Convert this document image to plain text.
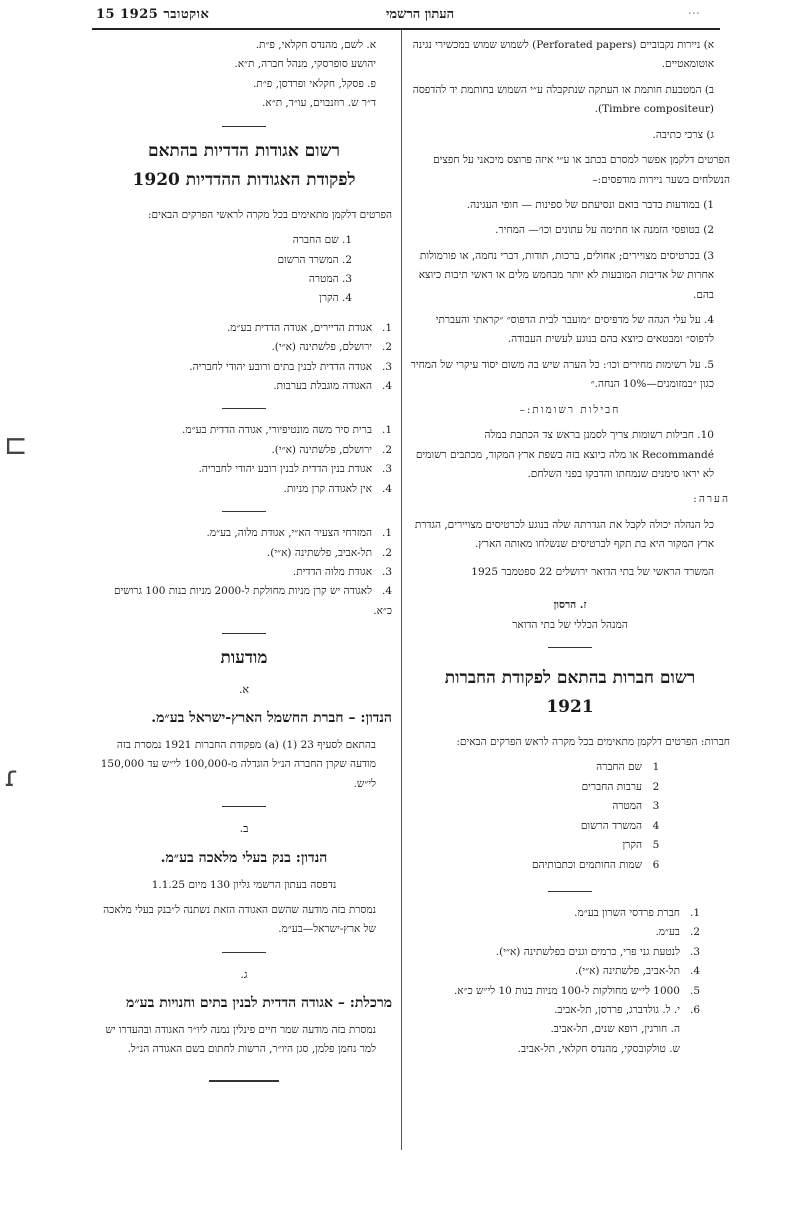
15 אוקטובר 1925	העתון הרשמי	...
⊏
ɾ
א. לשם, מהנדס חקלאי, פ״ת.
יהושע סופרסקי, מנהל חברה, ת״א.
פ. פסקל, חקלאי ופרדסן, פ״ת.
ד״ר ש. רוזנבוים, עו״ד, ת״א.
רשום אגודות הדדיות בהתאם
לפקודת האגודות ההדדיות 1920
הפרטים דלקמן מתאימים בכל מקרה לראשי הפרקים הבאים:
1. שם החברה
2. המשרד הרשום
3. המטרה
4. הקרן
1.אגודת הדיירים, אגודה הדדית בע״מ.
2.ירושלם, פלשתינה (א״י).
3.אגודה הדדית לבנין בתים ורובע יהודי לחבריה.
4.האגודה מוגבלת בערבות.
1.ברית סיר משה מונטיפיורי, אגודה הדדית בע״מ.
2.ירושלם, פלשתינה (א״י).
3.אגודת בנין הדדית לבנין רובע יהודי לחבריה.
4.אין לאגודה קרן מניות.
1.המזרחי הצעיר הא״י, אגודת מלוה, בע״מ.
2.תל-אביב, פלשתינה (א״י).
3.אגודת מלוה הדדית.
4.לאגודה יש קרן מניות מחולקת ל-2000 מניות בנות 100 גרושים כ״א.
מודעות
א.
הנדון: – חברת החשמל הארץ-ישראל בע״מ.
בהתאם לסעיף 23 (1) (a) מפקודת החברות 1921 נמסרת בזה מודעה שקרן החברה הנ״ל הוגדלה מ-100,000 לי״ש עד 150,000 לי״ש.
ב.
הנדון: בנק בעלי מלאכה בע״מ.
נדפסה בעתון הרשמי גליון 130 מיום 1.1.25
נמסרת בזה מודעה שהשם האגודה הזאת נשתנה ל״בנק בעלי מלאכה של ארץ-ישראל—בע״מ.
ג.
מרכלת: – אגודה הדדית לבנין בתים וחנויות בע״מ
נמסרת בזה מודעה שמר חיים פינלין נמנה ליו״ר האגודה ובהעדרו יש למר נחמן פלמן, סגן היו״ר, הרשות לחתום בשם האגודה הנ״ל.
א) ניירות נקבוביים (Perforated papers) לשמוש שמוש במכשירי נגינה אוטומאטיים.
ב) המטבעת חותמת או העתקה שנתקבלה ע״י השמוש בחותמת יד להדפסה (Timbre compositeur).
ג) צרכי כתיבה.
הפרטים דלקמן אפשר למסרם בכתב או ע״י איזה פרוצס מיכאני על חפצים הנשלחים בשער ניירות מודפסים:–
1) במודעות בדבר בואם ונסיעתם של ספינות — חופי העגינה.
2) בטופסי הזמנה או חתימה על עתונים וכו׳— המחיר.
3) בכרטיסים מצויירים; אחולים, ברכות, תודות, דברי נחמה, או פורמולות אחרות של אדיבות המובעות לא יותר מבחמש מלים או ראשי תיבות כיוצא בהם.
4. על עלי הגהה של מדפיסים ״מועבר לבית הדפוס״ ״קראתי והעברתי לדפוס״ ומבטאים כיוצא בהם בנוגע לעשית העבודה.
5. על רשימות מחירים וכו׳: כל הערה שיש בה משום יסוד עיקרי של המחיר כגון ״במזומנים—10% הנחה.״
חבילות רשומות:–
10. חבילות רשומות צריך לסמנן בראש צד הכתבת במלה Recommandé או מלה כיוצא בזה בשפת ארץ המקור, מכתבים רשומים לא יראו סימנים שנמחתו והדבקו בפני השלחם.
הערה:
כל הנהלה יכולה לקבל את הגדרתה שלה בנוגע לכרטיסים מצויירים, הגדרת ארץ המקור היא בת תקף לכרטיסים שנשלחו מאותה הארץ.
המשרד הראשי של בתי הדואר ירושלים 22 ספטמבר 1925
ז. הרסון
המנהל הכללי של בתי הדואר
רשום חברות בהתאם לפקודת החברות
1921
חברות: הפרטים דלקמן מתאימים בכל מקרה לראש הפרקים הבאים:
1
שם החברה
2
ערבות החברים
3
המטרה
4
המשרד הרשום
5
הקרן
6
שמות החותמים וכתבותיהם
1.חברת פרדסי השרון בע״מ.
2.בע״מ.
3.לנטעת גני פרי, כרמים וגנים בפלשתינה (א״י).
4.תל-אביב, פלשתינה (א״י).
5.1000 לי״ש מחולקות ל-100 מניות בנות 10 לי״ש כ״א.
6.י. ל. גולדברג, פרדסן, תל-אביב.
ה. חורגין, רופא שנים, תל-אביב.
ש. טולקובסקי, מהנדס חקלאי, תל-אביב.
